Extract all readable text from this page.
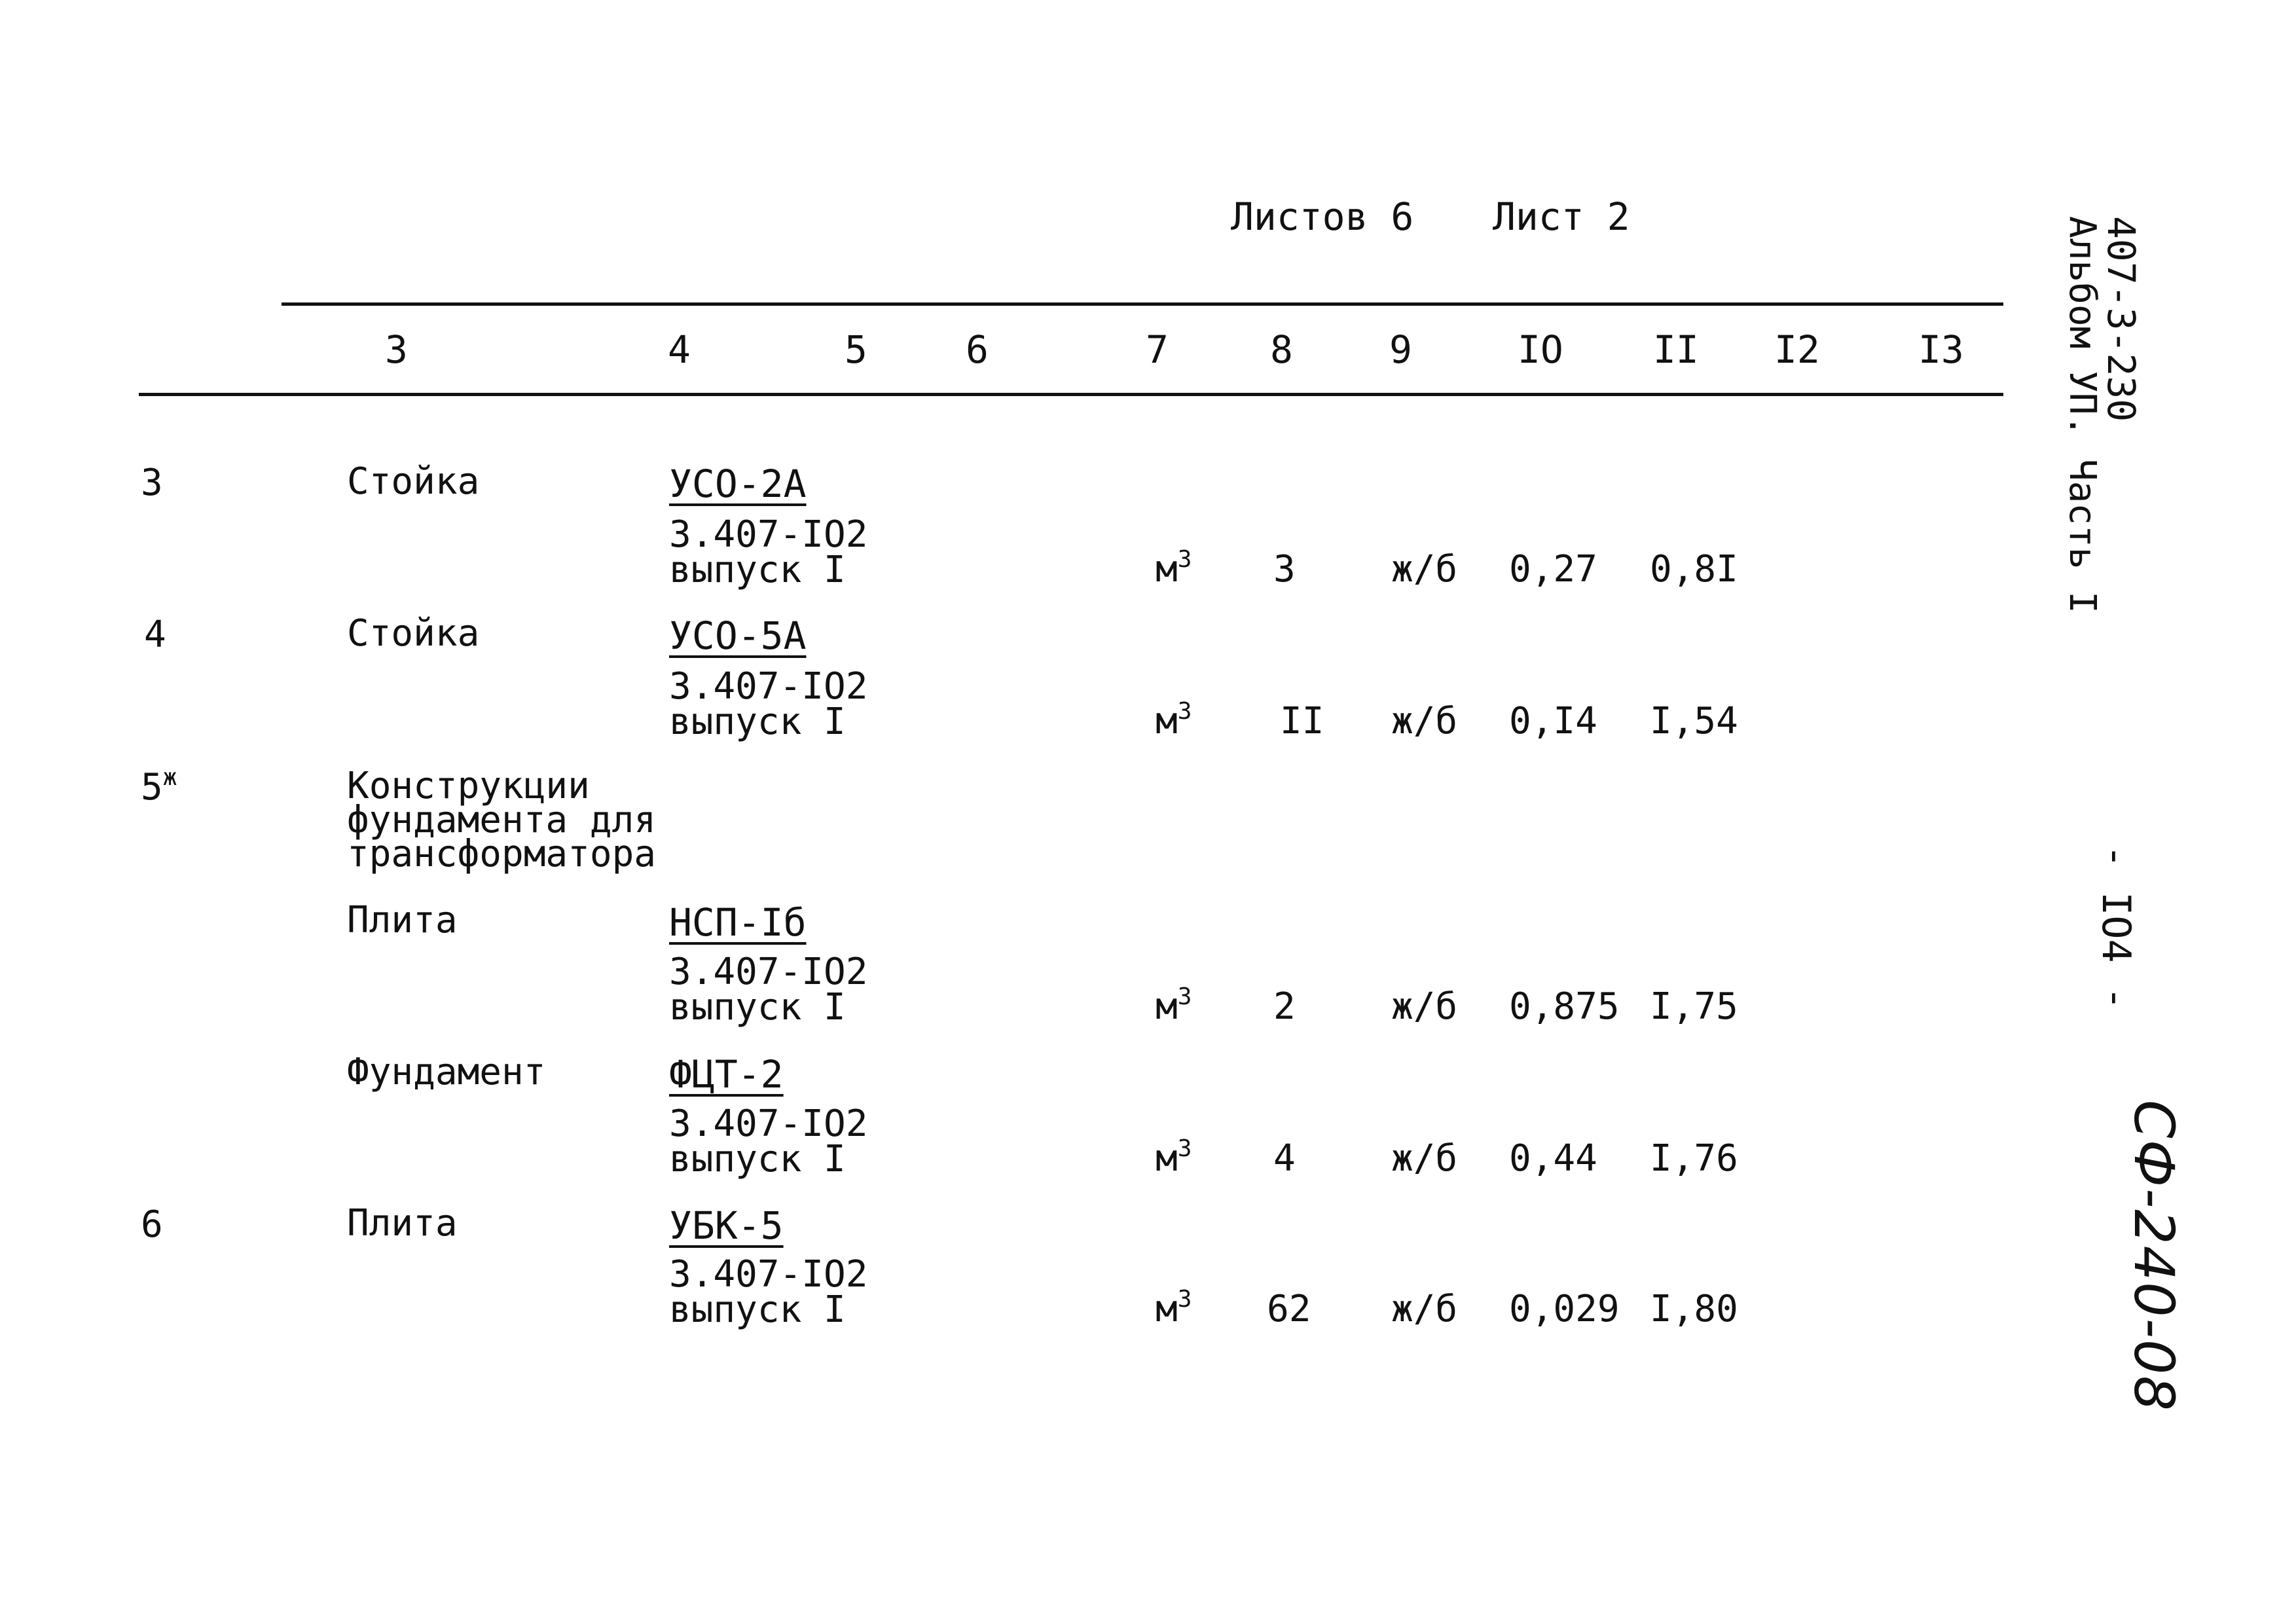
Листов 6 Лист 2
3	4	5	6	7	8	9	IO II I2	I3
3	Стойка	УСО-2А
3.407-IO2
выпуск I	$м^3$ 3	ж/б 0,27 0,8I
4	Стойка	УСО-5А
3.407-IO2
выпуск I	$м^3$ II ж/б 0,I4 I,54
$5^ж$	Конструкции
фундамента для
трансформатора
Плита	НСП-Iб
3.407-IO2
выпуск I	$м^3$ 2	ж/б 0,875 I,75
Фундамент	ФЦТ-2
3.407-IO2
выпуск I	$м^3$ 4	ж/б 0,44 I,76
6	Плита	УБК-5
3.407-IO2
выпуск I	$м^3$ 62 ж/б 0,029 I,80
407-3-230
Альбом УП. Часть I
- IO4 -
СФ-240-08
